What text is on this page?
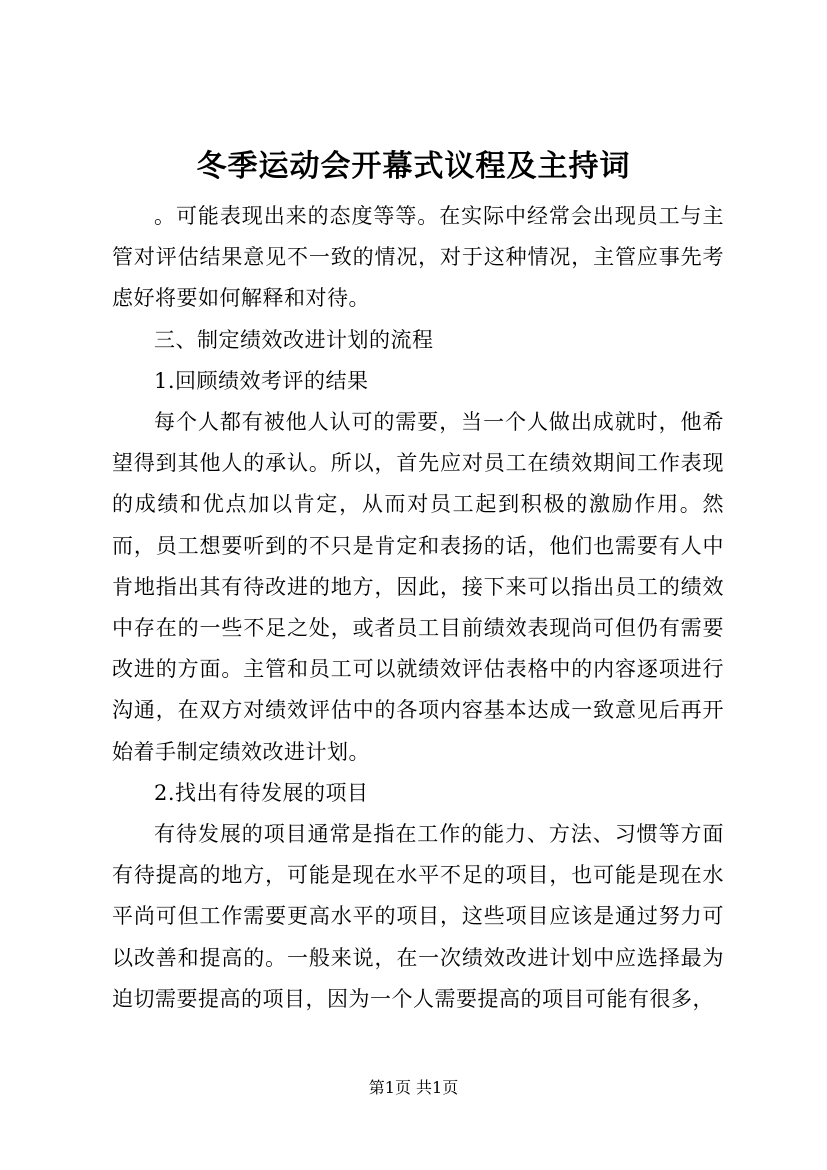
冬季运动会开幕式议程及主持词

。可能表现出来的态度等等。在实际中经常会出现员工与主管对评估结果意见不一致的情况，对于这种情况，主管应事先考虑好将要如何解释和对待。

三、制定绩效改进计划的流程

1.回顾绩效考评的结果

每个人都有被他人认可的需要，当一个人做出成就时，他希望得到其他人的承认。所以，首先应对员工在绩效期间工作表现的成绩和优点加以肯定，从而对员工起到积极的激励作用。然而，员工想要听到的不只是肯定和表扬的话，他们也需要有人中肯地指出其有待改进的地方，因此，接下来可以指出员工的绩效中存在的一些不足之处，或者员工目前绩效表现尚可但仍有需要改进的方面。主管和员工可以就绩效评估表格中的内容逐项进行沟通，在双方对绩效评估中的各项内容基本达成一致意见后再开始着手制定绩效改进计划。

2.找出有待发展的项目

有待发展的项目通常是指在工作的能力、方法、习惯等方面有待提高的地方，可能是现在水平不足的项目，也可能是现在水平尚可但工作需要更高水平的项目，这些项目应该是通过努力可以改善和提高的。一般来说，在一次绩效改进计划中应选择最为迫切需要提高的项目，因为一个人需要提高的项目可能有很多，

第1页 共1页
